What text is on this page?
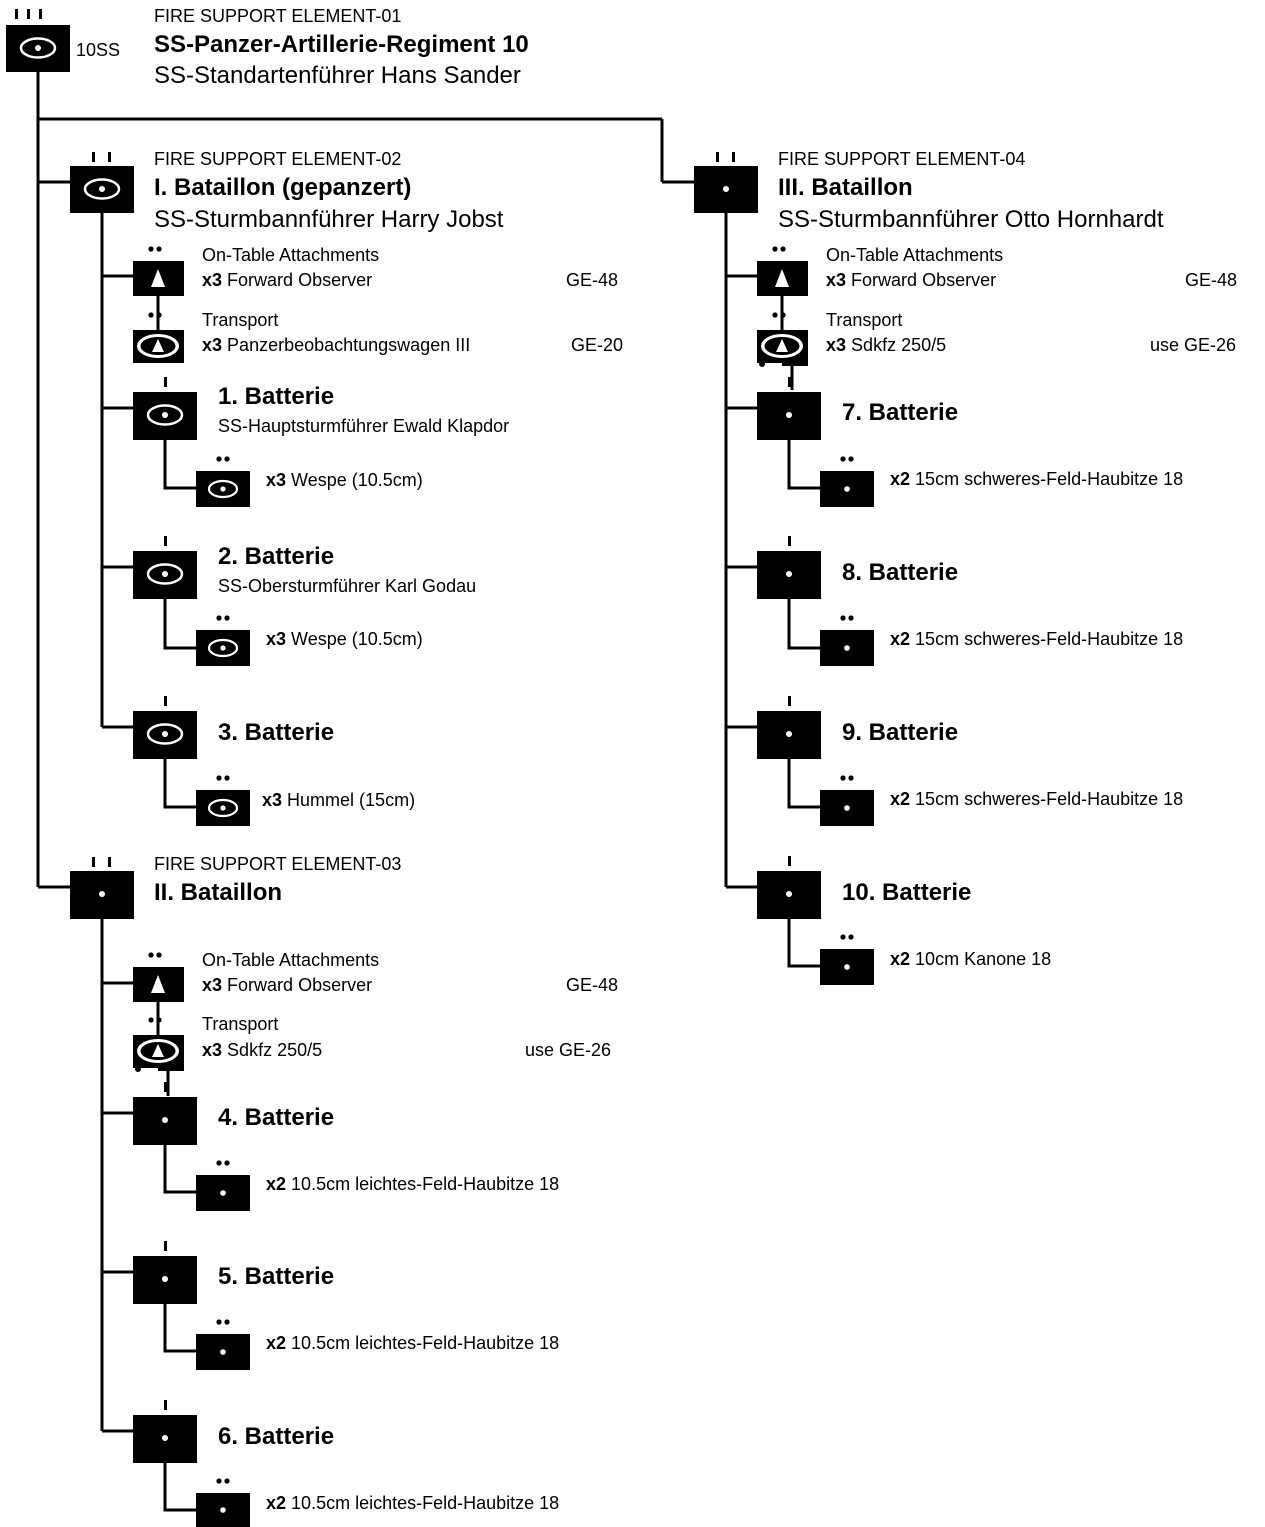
10SS
FIRE SUPPORT ELEMENT-01
SS-Panzer-Artillerie-Regiment 10
SS-Standartenführer Hans Sander
FIRE SUPPORT ELEMENT-02
I. Bataillon (gepanzert)
SS-Sturmbannführer Harry Jobst
On-Table Attachments
x3 Forward Observer	GE-48
Transport
x3 Panzerbeobachtungswagen III	GE-20
1. Batterie
SS-Hauptsturmführer Ewald Klapdor
x3 Wespe (10.5cm)
2. Batterie
SS-Obersturmführer Karl Godau
x3 Wespe (10.5cm)
3. Batterie
x3 Hummel (15cm)
FIRE SUPPORT ELEMENT-03
II. Bataillon
On-Table Attachments
x3 Forward Observer	GE-48
Transport
x3 Sdkfz 250/5	use GE-26
4. Batterie
x2 10.5cm leichtes-Feld-Haubitze 18
5. Batterie
x2 10.5cm leichtes-Feld-Haubitze 18
6. Batterie
x2 10.5cm leichtes-Feld-Haubitze 18
FIRE SUPPORT ELEMENT-04
III. Bataillon
SS-Sturmbannführer Otto Hornhardt
On-Table Attachments
x3 Forward Observer	GE-48
Transport
x3 Sdkfz 250/5	use GE-26
7. Batterie
x2 15cm schweres-Feld-Haubitze 18
8. Batterie
x2 15cm schweres-Feld-Haubitze 18
9. Batterie
x2 15cm schweres-Feld-Haubitze 18
10. Batterie
x2 10cm Kanone 18
